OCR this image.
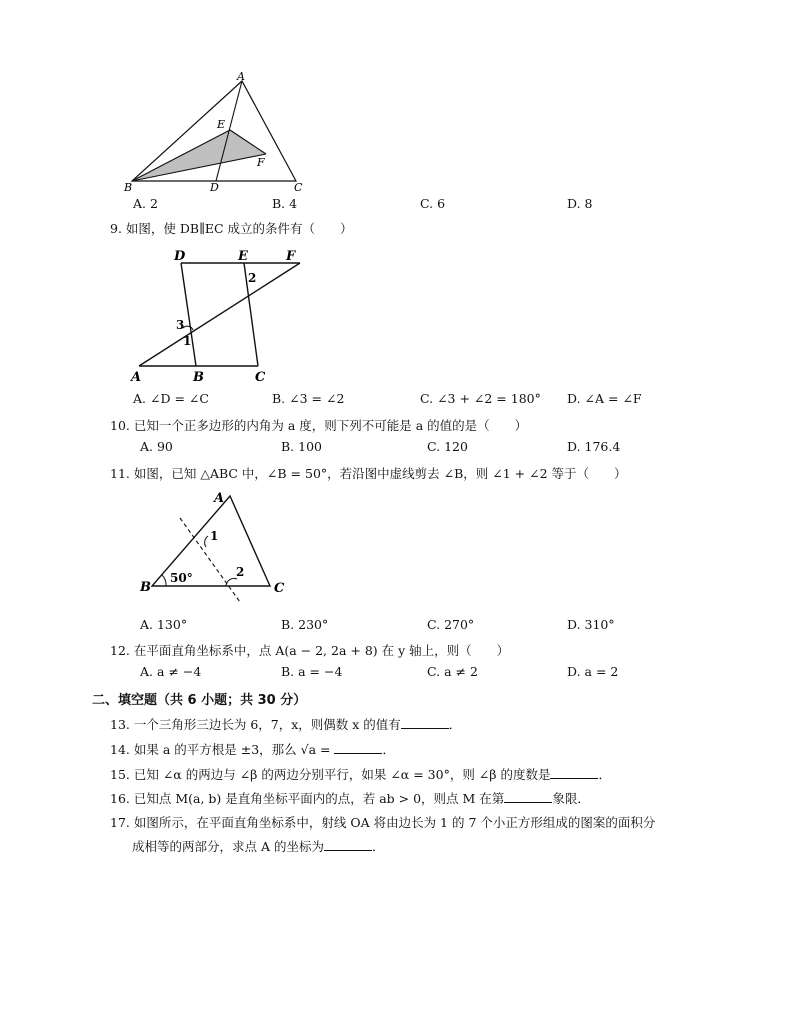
A
E
F
B	D	C
A. 2	B. 4	C. 6	D. 8
9. 如图，使 DB∥EC 成立的条件有（　　）
D	E	F
2
3
1
A	B	C
A. ∠D = ∠C	B. ∠3 = ∠2	C. ∠3 + ∠2 = 180° D. ∠A = ∠F
10. 已知一个正多边形的内角为 a 度，则下列不可能是 a 的值的是（　　）
A. 90	B. 100	C. 120	D. 176.4
11. 如图，已知 △ABC 中，∠B = 50°，若沿图中虚线剪去 ∠B，则 ∠1 + ∠2 等于（　　）
A
1
2
50°
B	C
A. 130°	B. 230°	C. 270°	D. 310°
12. 在平面直角坐标系中，点 A(a − 2, 2a + 8) 在 y 轴上，则（　　）
A. a ≠ −4	B. a = −4	C. a ≠ 2	D. a = 2
二、填空题（共 6 小题；共 30 分）
13. 一个三角形三边长为 6，7，x，则偶数 x 的值有	．
14. 如果 a 的平方根是 ±3，那么 √a =	．
15. 已知 ∠α 的两边与 ∠β 的两边分别平行，如果 ∠α = 30°，则 ∠β 的度数是	．
16. 已知点 M(a, b) 是直角坐标平面内的点，若 ab > 0，则点 M 在第	象限．
17. 如图所示，在平面直角坐标系中，射线 OA 将由边长为 1 的 7 个小正方形组成的图案的面积分
成相等的两部分，求点 A 的坐标为	．
